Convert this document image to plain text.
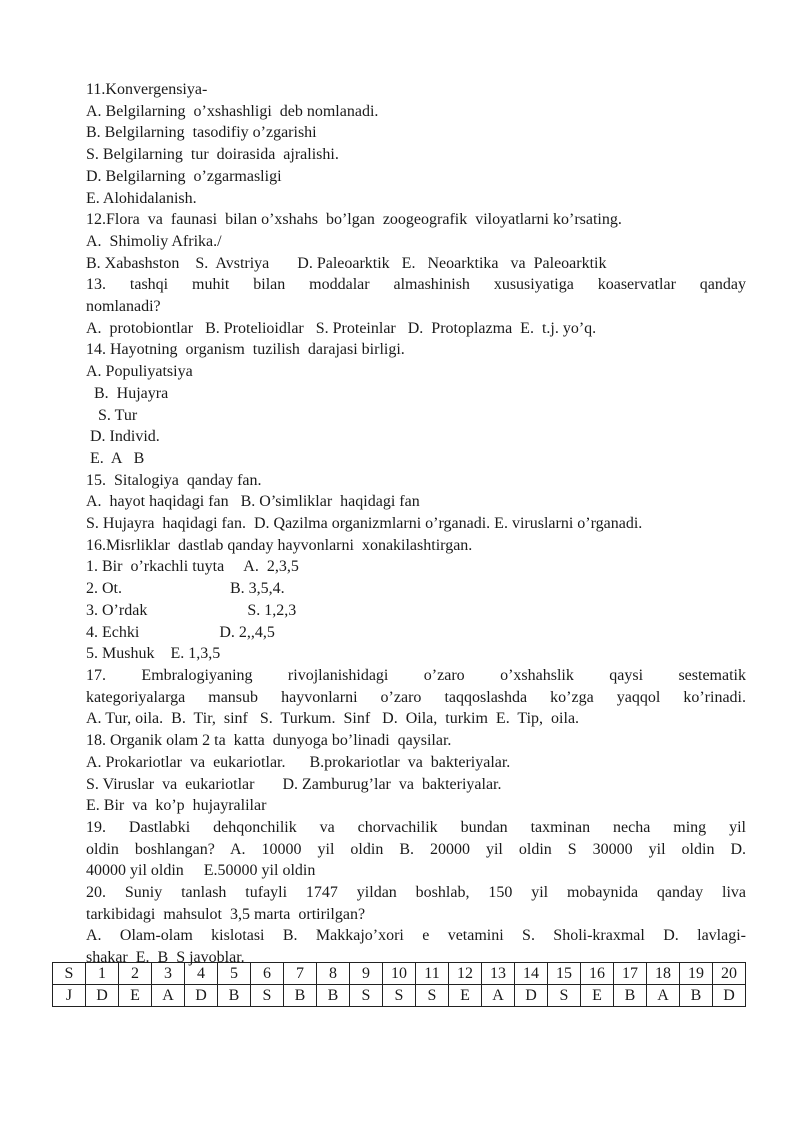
11.Konvergensiya-

A. Belgilarning  o’xshashligi  deb nomlanadi.

B. Belgilarning  tasodifiy o’zgarishi

S. Belgilarning  tur  doirasida  ajralishi.

D. Belgilarning  o’zgarmasligi

E. Alohidalanish.

12.Flora  va  faunasi  bilan o’xshahs  bo’lgan  zoogeografik  viloyatlarni ko’rsating.

A.  Shimoliy Afrika./

B. Xabashston    S.  Avstriya       D. Paleoarktik   E.   Neoarktika   va  Paleoarktik

13. tashqi muhit bilan moddalar almashinish xususiyatiga koaservatlar qanday

nomlanadi?

A.  protobiontlar   B. Protelioidlar   S. Proteinlar   D.  Protoplazma  E.  t.j. yo’q.

14. Hayotning  organism  tuzilish  darajasi birligi.

A. Populiyatsiya

B.  Hujayra

S. Tur

D. Individ.

E.  A   B

15.  Sitalogiya  qanday fan.

A.  hayot haqidagi fan   B. O’simliklar  haqidagi fan

S. Hujayra  haqidagi fan.  D. Qazilma organizmlarni o’rganadi. E. viruslarni o’rganadi.

16.Misrliklar  dastlab qanday hayvonlarni  xonakilashtirgan.

1. Bir  o’rkachli tuyta     A.  2,3,5

2. Ot.                           B. 3,5,4.

3. O’rdak                         S. 1,2,3

4. Echki                    D. 2,,4,5

5. Mushuk    E. 1,3,5

17. Embralogiyaning rivojlanishidagi o’zaro o’xshahslik qaysi sestematik

kategoriyalarga mansub hayvonlarni o’zaro taqqoslashda ko’zga yaqqol ko’rinadi.

A. Tur, oila.  B.  Tir,  sinf   S.  Turkum.  Sinf   D.  Oila,  turkim  E.  Tip,  oila.

18. Organik olam 2 ta  katta  dunyoga bo’linadi  qaysilar.

A. Prokariotlar  va  eukariotlar.      B.prokariotlar  va  bakteriyalar.

S. Viruslar  va  eukariotlar       D. Zamburug’lar  va  bakteriyalar.

E. Bir  va  ko’p  hujayralilar

19. Dastlabki dehqonchilik va chorvachilik bundan taxminan necha ming yil

oldin boshlangan? A. 10000 yil oldin B. 20000 yil oldin S 30000 yil oldin D.

40000 yil oldin     E.50000 yil oldin

20. Suniy tanlash tufayli 1747 yildan boshlab, 150 yil mobaynida qanday liva

tarkibidagi  mahsulot  3,5 marta  ortirilgan?

A. Olam-olam kislotasi B. Makkajo’xori e vetamini S. Sholi-kraxmal D. lavlagi-

shakar  E.  B  S javoblar.

S	1	2	3	4	5	6	7	8	9	10	11	12	13	14	15	16	17	18	19	20
J	D	E	A	D	B	S	B	B	S	S	S	E	A	D	S	E	B	A	B	D
